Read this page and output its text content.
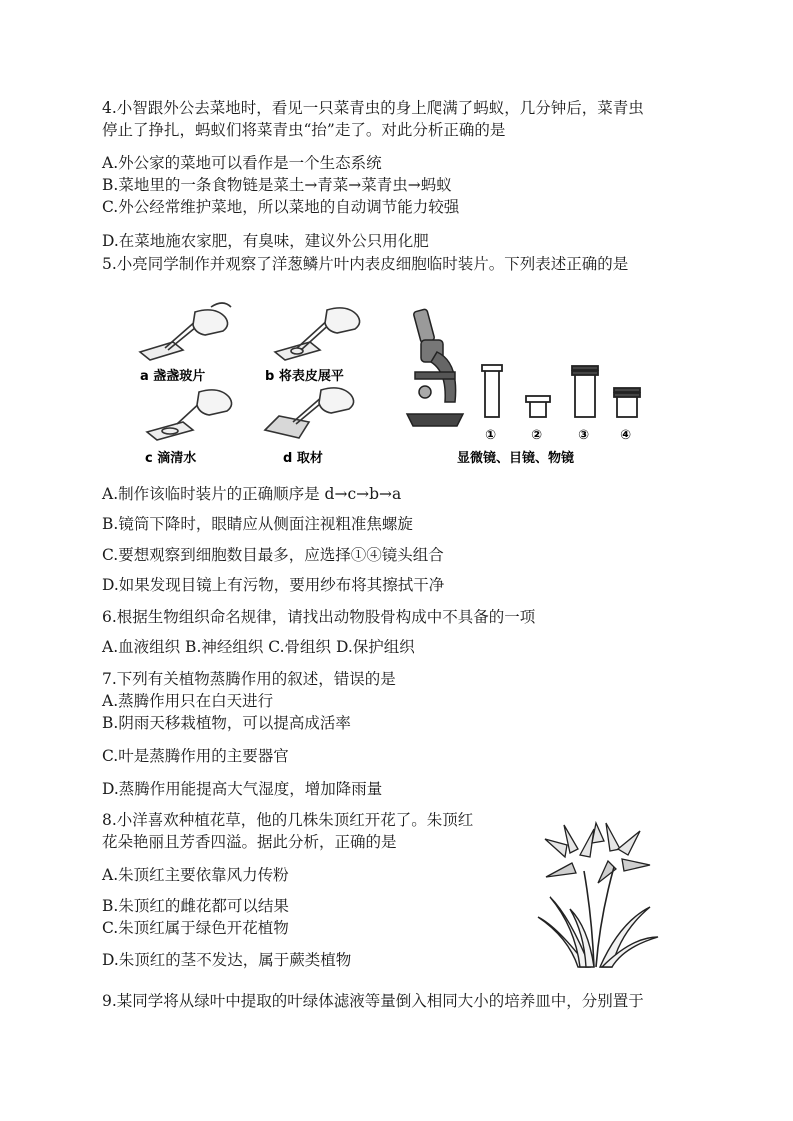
4.小智跟外公去菜地时，看见一只菜青虫的身上爬满了蚂蚁，几分钟后，菜青虫
停止了挣扎，蚂蚁们将菜青虫“抬”走了。对此分析正确的是
A.外公家的菜地可以看作是一个生态系统
B.菜地里的一条食物链是菜土→青菜→菜青虫→蚂蚁
C.外公经常维护菜地，所以菜地的自动调节能力较强
D.在菜地施农家肥，有臭味，建议外公只用化肥
5.小亮同学制作并观察了洋葱鳞片叶内表皮细胞临时装片。下列表述正确的是
a 盏盏玻片	b 将表皮展平
c 滴清水	d 取材
①	②	③ ④
显微镜、目镜、物镜
A.制作该临时装片的正确顺序是 d→c→b→a
B.镜筒下降时，眼睛应从侧面注视粗准焦螺旋
C.要想观察到细胞数目最多，应选择①④镜头组合
D.如果发现目镜上有污物，要用纱布将其擦拭干净
6.根据生物组织命名规律，请找出动物股骨构成中不具备的一项
A.血液组织 B.神经组织 C.骨组织 D.保护组织
7.下列有关植物蒸腾作用的叙述，错误的是
A.蒸腾作用只在白天进行
B.阴雨天移栽植物，可以提高成活率
C.叶是蒸腾作用的主要器官
D.蒸腾作用能提高大气湿度，增加降雨量
8.小洋喜欢种植花草，他的几株朱顶红开花了。朱顶红
花朵艳丽且芳香四溢。据此分析，正确的是
A.朱顶红主要依靠风力传粉
B.朱顶红的雌花都可以结果
C.朱顶红属于绿色开花植物
D.朱顶红的茎不发达，属于蕨类植物
9.某同学将从绿叶中提取的叶绿体滤液等量倒入相同大小的培养皿中，分别置于
